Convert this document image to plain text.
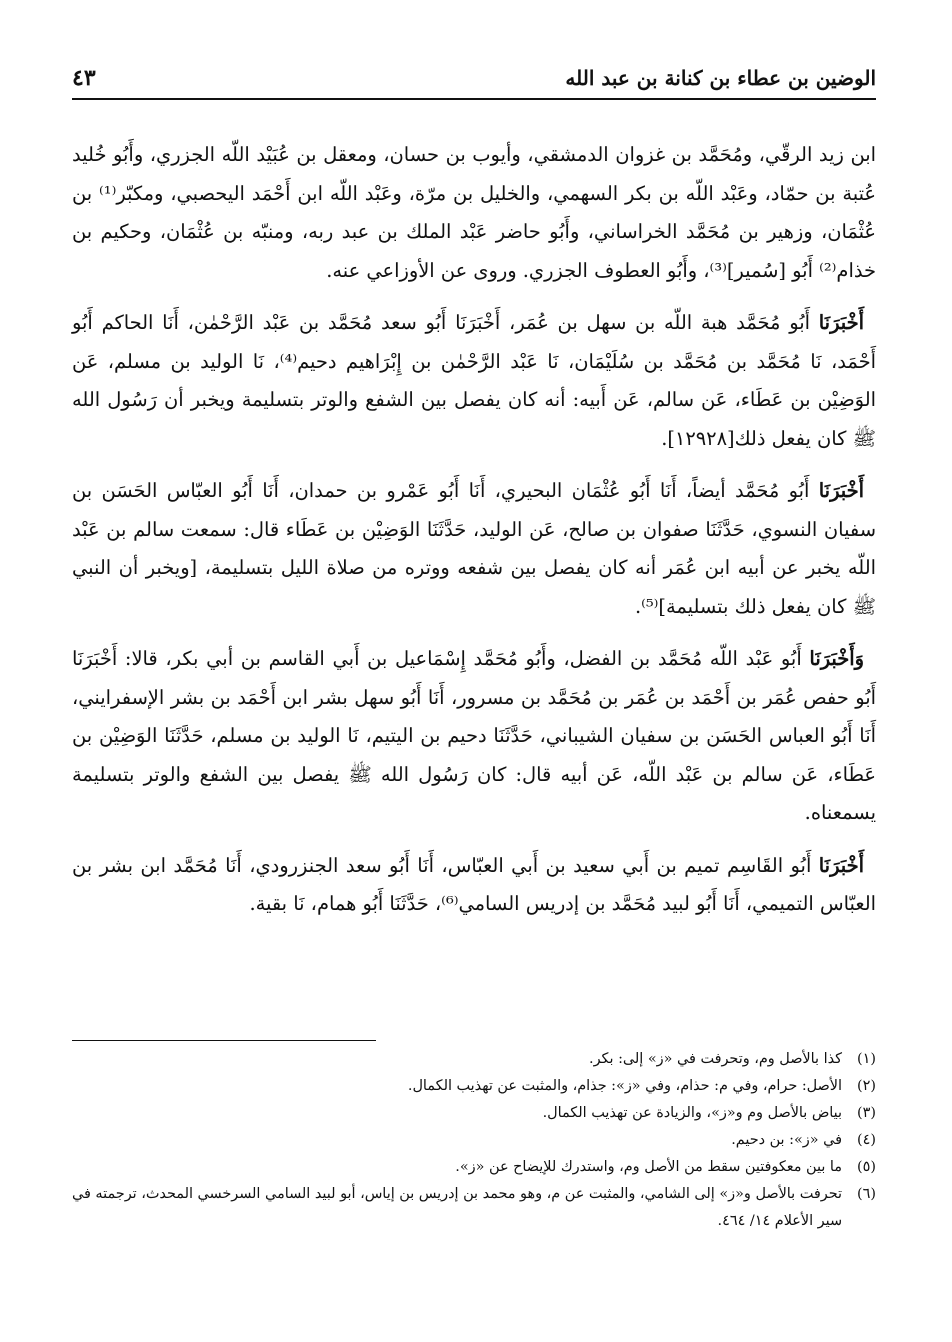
الوضين بن عطاء بن كنانة بن عبد الله
٤٣

ابن زيد الرقّي، ومُحَمَّد بن غزوان الدمشقي، وأيوب بن حسان، ومعقل بن عُبَيْد اللّه الجزري، وأَبُو خُليد عُتبة بن حمّاد، وعَبْد اللّه بن بكر السهمي، والخليل بن مرّة، وعَبْد اللّه ابن أَحْمَد اليحصبي، ومكبّر⁽¹⁾ بن عُثْمَان، وزهير بن مُحَمَّد الخراساني، وأَبُو حاضر عَبْد الملك بن عبد ربه، ومنبّه بن عُثْمَان، وحكيم بن خذام⁽²⁾ أَبُو [سُمير]⁽³⁾، وأَبُو العطوف الجزري. وروى عن الأوزاعي عنه.

أَخْبَرَنَا أَبُو مُحَمَّد هبة اللّه بن سهل بن عُمَر، أَخْبَرَنَا أَبُو سعد مُحَمَّد بن عَبْد الرَّحْمٰن، أَنَا الحاكم أَبُو أَحْمَد، نَا مُحَمَّد بن مُحَمَّد بن سُلَيْمَان، نَا عَبْد الرَّحْمٰن بن إِبْرَاهيم دحيم⁽⁴⁾، نَا الوليد بن مسلم، عَن الوَضِيْن بن عَطَاء، عَن سالم، عَن أَبيه: أنه كان يفصل بين الشفع والوتر بتسليمة ويخبر أن رَسُول الله ﷺ كان يفعل ذلك[١٢٩٢٨].

أَخْبَرَنَا أَبُو مُحَمَّد أيضاً، أَنَا أَبُو عُثْمَان البحيري، أَنَا أَبُو عَمْرو بن حمدان، أَنَا أَبُو العبّاس الحَسَن بن سفيان النسوي، حَدَّثَنَا صفوان بن صالح، عَن الوليد، حَدَّثَنَا الوَضِيْن بن عَطَاء قال: سمعت سالم بن عَبْد اللّه يخبر عن أبيه ابن عُمَر أنه كان يفصل بين شفعه ووتره من صلاة الليل بتسليمة، [ويخبر أن النبي ﷺ كان يفعل ذلك بتسليمة]⁽⁵⁾.

وَأَخْبَرَنَا أَبُو عَبْد اللّه مُحَمَّد بن الفضل، وأَبُو مُحَمَّد إِسْمَاعيل بن أَبي القاسم بن أبي بكر، قالا: أَخْبَرَنَا أَبُو حفص عُمَر بن أَحْمَد بن عُمَر بن مُحَمَّد بن مسرور، أَنَا أَبُو سهل بشر ابن أَحْمَد بن بشر الإسفرايني، أَنَا أَبُو العباس الحَسَن بن سفيان الشيباني، حَدَّثَنَا دحيم بن اليتيم، نَا الوليد بن مسلم، حَدَّثَنَا الوَضِيْن بن عَطَاء، عَن سالم بن عَبْد اللّه، عَن أبيه قال: كان رَسُول الله ﷺ يفصل بين الشفع والوتر بتسليمة يسمعناه.

أَخْبَرَنَا أَبُو القَاسِم تميم بن أَبي سعيد بن أَبي العبّاس، أَنَا أَبُو سعد الجنزرودي، أَنَا مُحَمَّد ابن بشر بن العبّاس التميمي، أَنَا أَبُو لبيد مُحَمَّد بن إدريس السامي⁽⁶⁾، حَدَّثَنَا أَبُو همام، نَا بقية.

(١)
كذا بالأصل وم، وتحرفت في «ز» إلى: بكر.
(٢)
الأصل: حرام، وفي م: حذام، وفي «ز»: جذام، والمثبت عن تهذيب الكمال.
(٣)
بياض بالأصل وم و«ز»، والزيادة عن تهذيب الكمال.
(٤)
في «ز»: بن دحيم.
(٥)
ما بين معكوفتين سقط من الأصل وم، واستدرك للإيضاح عن «ز».
(٦)
تحرفت بالأصل و«ز» إلى الشامي، والمثبت عن م، وهو محمد بن إدريس بن إياس، أبو لبيد السامي السرخسي المحدث، ترجمته في سير الأعلام ١٤/ ٤٦٤.
